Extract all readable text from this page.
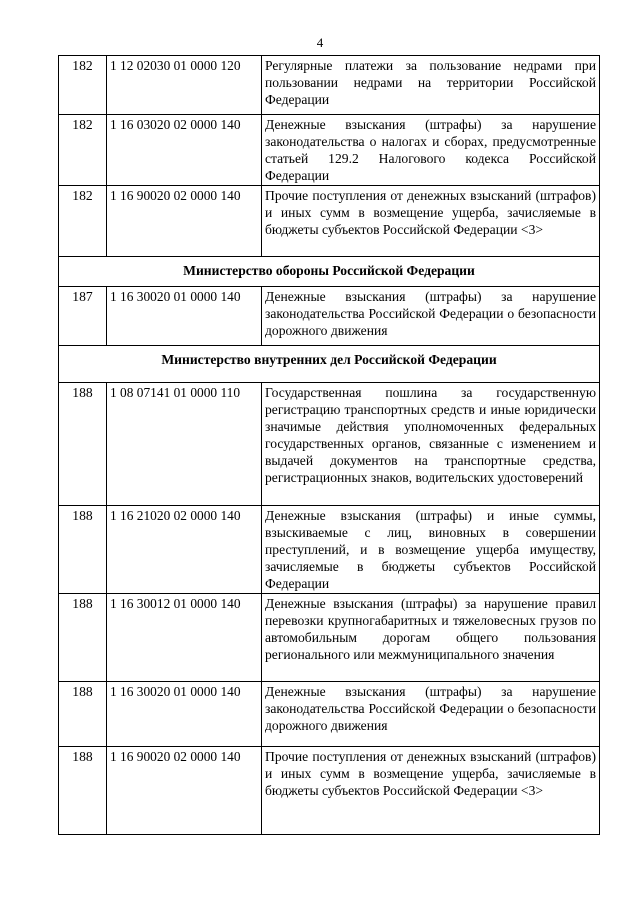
4
182	1 12 02030 01 0000 120	Регулярные платежи за пользование недрами при пользовании недрами на территории Российской Федерации
182	1 16 03020 02 0000 140	Денежные взыскания (штрафы) за нарушение законодательства о налогах и сборах, предусмотренные статьей 129.2 Налогового кодекса Российской Федерации
182	1 16 90020 02 0000 140	Прочие поступления от денежных взысканий (штрафов) и иных сумм в возмещение ущерба, зачисляемые в бюджеты субъектов Российской Федерации <3>
Министерство обороны Российской Федерации		
187	1 16 30020 01 0000 140	Денежные взыскания (штрафы) за нарушение законодательства Российской Федерации о безопасности дорожного движения
Министерство внутренних дел Российской Федерации		
188	1 08 07141 01 0000 110	Государственная пошлина за государственную регистрацию транспортных средств и иные юридически значимые действия уполномоченных федеральных государственных органов, связанные с изменением и выдачей документов на транспортные средства, регистрационных знаков, водительских удостоверений
188	1 16 21020 02 0000 140	Денежные взыскания (штрафы) и иные суммы, взыскиваемые с лиц, виновных в совершении преступлений, и в возмещение ущерба имуществу, зачисляемые в бюджеты субъектов Российской Федерации
188	1 16 30012 01 0000 140	Денежные взыскания (штрафы) за нарушение правил перевозки крупногабаритных и тяжеловесных грузов по автомобильным дорогам общего пользования регионального или межмуниципального значения
188	1 16 30020 01 0000 140	Денежные взыскания (штрафы) за нарушение законодательства Российской Федерации о безопасности дорожного движения
188	1 16 90020 02 0000 140	Прочие поступления от денежных взысканий (штрафов) и иных сумм в возмещение ущерба, зачисляемые в бюджеты субъектов Российской Федерации <3>
